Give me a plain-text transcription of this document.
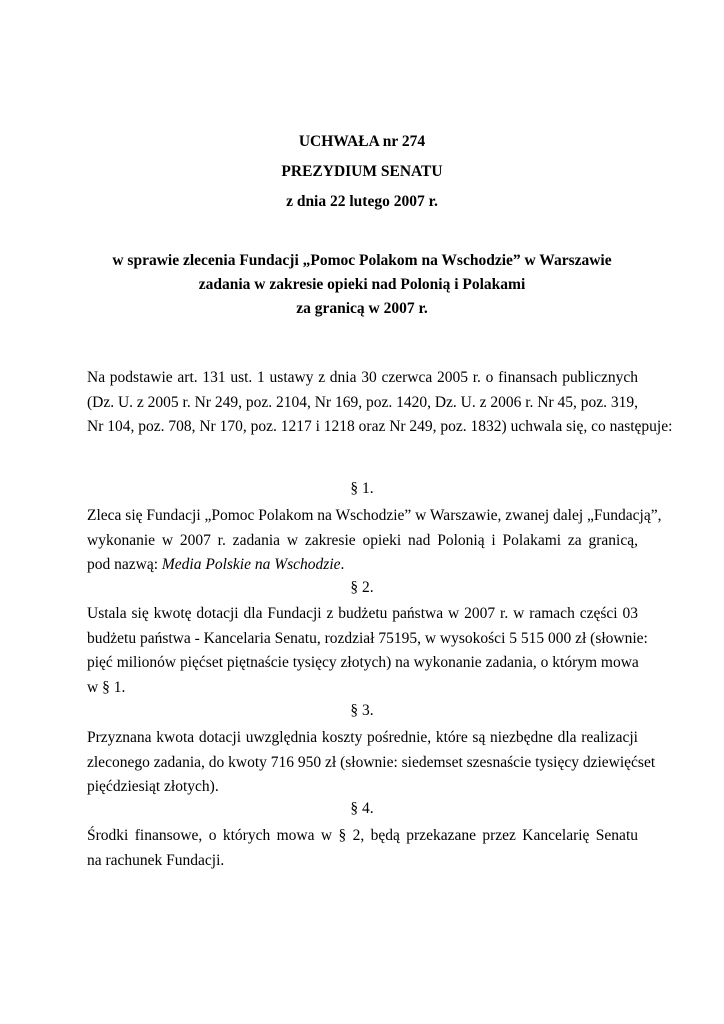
UCHWAŁA nr 274

PREZYDIUM SENATU

z dnia 22 lutego 2007 r.

w sprawie zlecenia Fundacji „Pomoc Polakom na Wschodzie” w Warszawie

zadania w zakresie opieki nad Polonią i Polakami

za granicą w 2007 r.

Na podstawie art. 131 ust. 1 ustawy z dnia 30 czerwca 2005 r. o finansach publicznych
(Dz. U. z 2005 r. Nr 249, poz. 2104, Nr 169, poz. 1420, Dz. U. z 2006 r. Nr 45, poz. 319,
Nr 104, poz. 708, Nr 170, poz. 1217 i 1218 oraz Nr 249, poz. 1832) uchwala się, co następuje:

§ 1.

Zleca się Fundacji „Pomoc Polakom na Wschodzie” w Warszawie, zwanej dalej „Fundacją”,
wykonanie w 2007 r. zadania w zakresie opieki nad Polonią i Polakami za granicą,
pod nazwą: Media Polskie na Wschodzie.

§ 2.

Ustala się kwotę dotacji dla Fundacji z budżetu państwa w 2007 r. w ramach części 03
budżetu państwa - Kancelaria Senatu, rozdział 75195, w wysokości 5 515 000 zł (słownie:
pięć milionów pięćset piętnaście tysięcy złotych) na wykonanie zadania, o którym mowa
w § 1.

§ 3.

Przyznana kwota dotacji uwzględnia koszty pośrednie, które są niezbędne dla realizacji
zleconego zadania, do kwoty 716 950 zł (słownie: siedemset szesnaście tysięcy dziewięćset
pięćdziesiąt złotych).

§ 4.

Środki finansowe, o których mowa w § 2, będą przekazane przez Kancelarię Senatu
na rachunek Fundacji.
